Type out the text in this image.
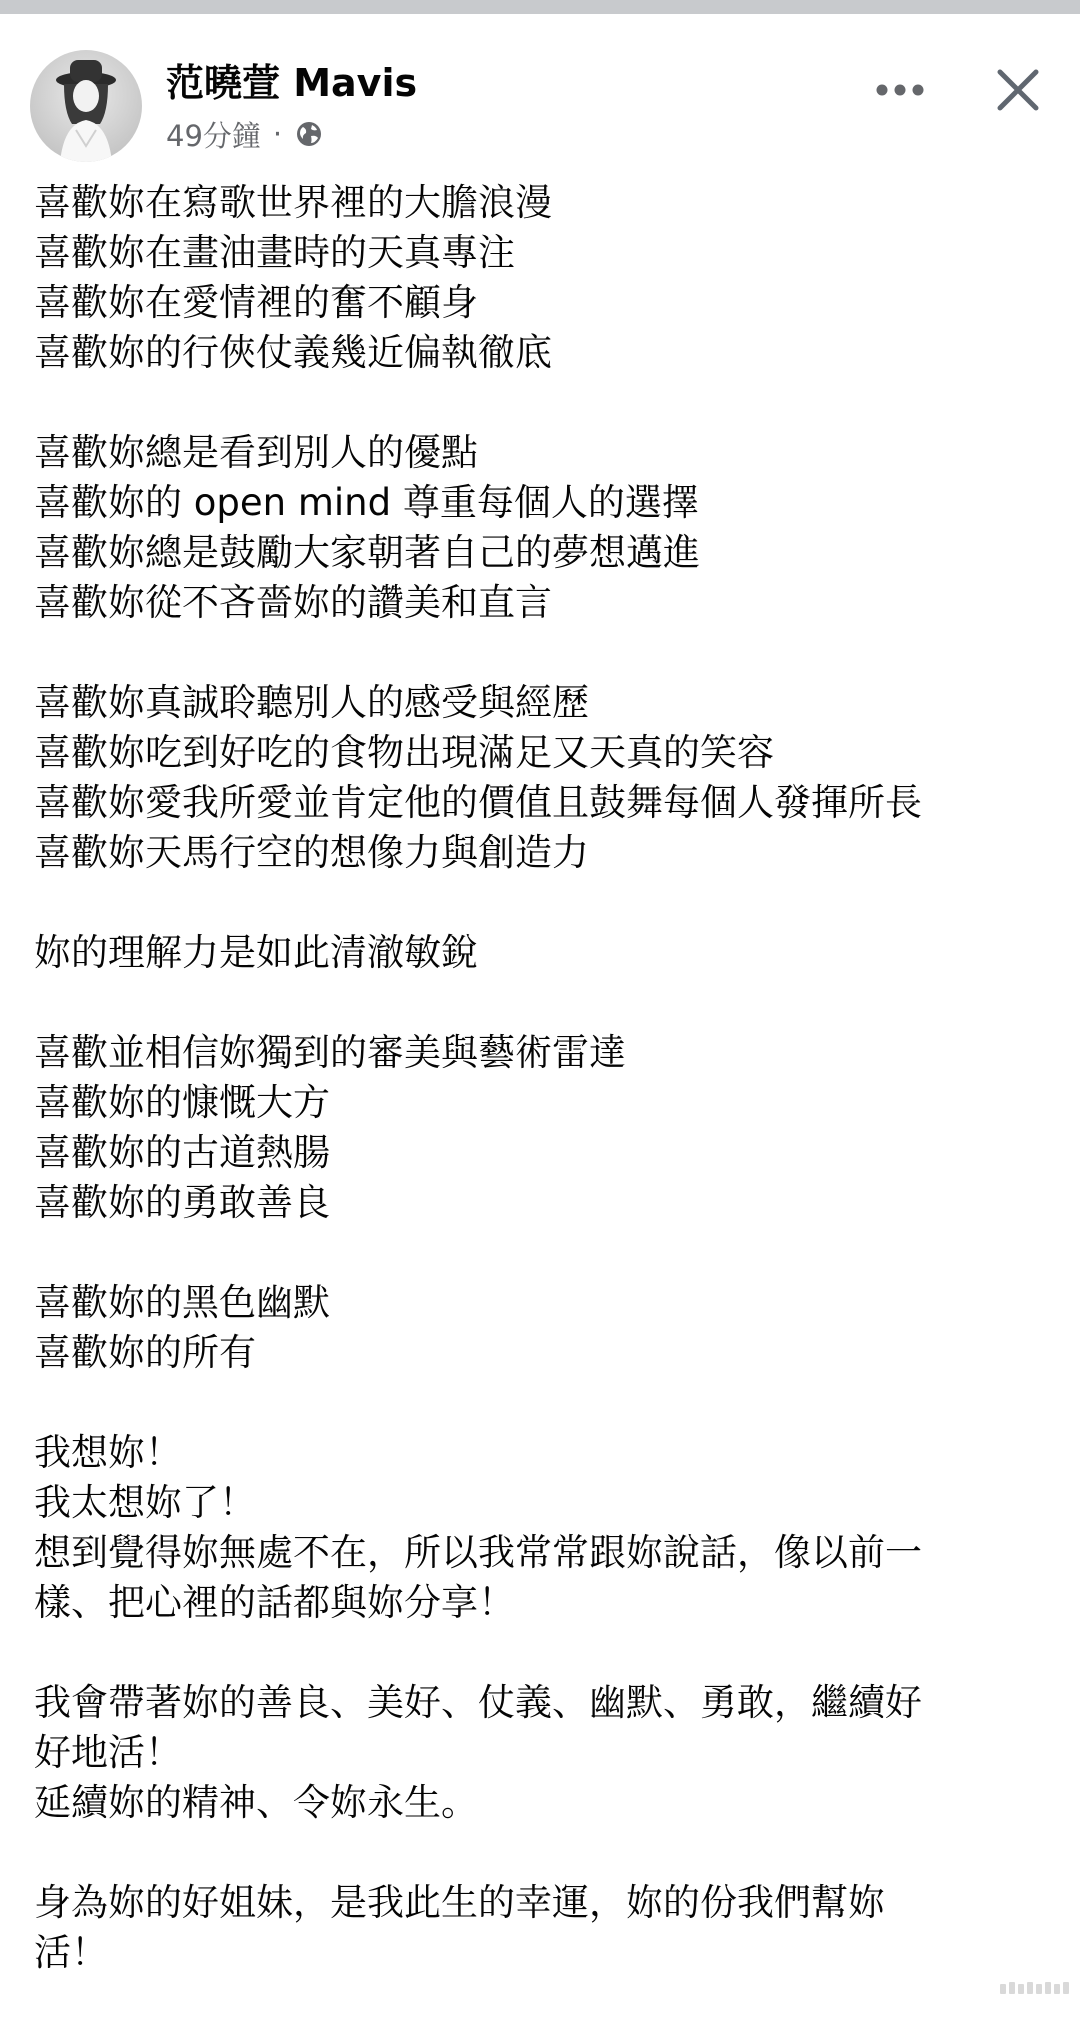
范曉萱 Mavis
49分鐘 ·
喜歡妳在寫歌世界裡的大膽浪漫
喜歡妳在畫油畫時的天真專注
喜歡妳在愛情裡的奮不顧身
喜歡妳的行俠仗義幾近偏執徹底
喜歡妳總是看到別人的優點
喜歡妳的 open mind 尊重每個人的選擇
喜歡妳總是鼓勵大家朝著自己的夢想邁進
喜歡妳從不吝嗇妳的讚美和直言
喜歡妳真誠聆聽別人的感受與經歷
喜歡妳吃到好吃的食物出現滿足又天真的笑容
喜歡妳愛我所愛並肯定他的價值且鼓舞每個人發揮所長
喜歡妳天馬行空的想像力與創造力
妳的理解力是如此清澈敏銳
喜歡並相信妳獨到的審美與藝術雷達
喜歡妳的慷慨大方
喜歡妳的古道熱腸
喜歡妳的勇敢善良
喜歡妳的黑色幽默
喜歡妳的所有
我想妳！
我太想妳了！
想到覺得妳無處不在，所以我常常跟妳說話，像以前一
樣、把心裡的話都與妳分享！
我會帶著妳的善良、美好、仗義、幽默、勇敢，繼續好
好地活！
延續妳的精神、令妳永生。
身為妳的好姐妹，是我此生的幸運，妳的份我們幫妳
活！
